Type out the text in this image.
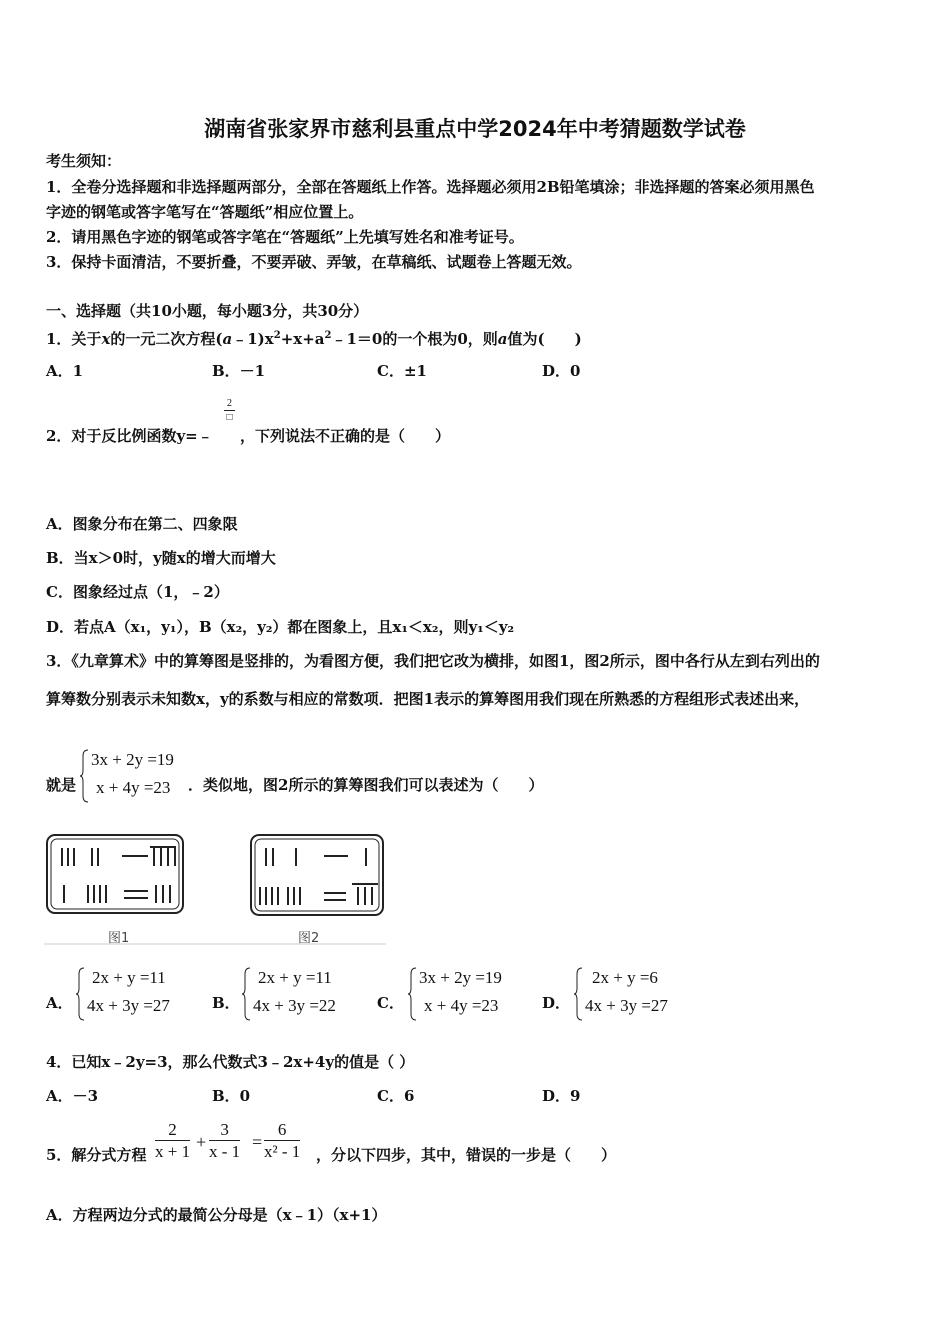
湖南省张家界市慈利县重点中学2024年中考猜题数学试卷
考生须知：
1．全卷分选择题和非选择题两部分，全部在答题纸上作答。选择题必须用2B铅笔填涂；非选择题的答案必须用黑色
字迹的钢笔或答字笔写在“答题纸”相应位置上。
2．请用黑色字迹的钢笔或答字笔在“答题纸”上先填写姓名和准考证号。
3．保持卡面清洁，不要折叠，不要弄破、弄皱，在草稿纸、试题卷上答题无效。
一、选择题（共10小题，每小题3分，共30分）
1．关于x的一元二次方程$(a﹣1)x^2+x+a^2﹣1=0$的一个根为0，则a值为(　　)
A．1	B．－1	C．±1	D．0
2．对于反比例函数y=﹣
2
□
，下列说法不正确的是（　　）
A．图象分布在第二、四象限
B．当x＞0时，y随x的增大而增大
C．图象经过点（1，﹣2）
D．若点A（x₁，y₁），B（x₂，y₂）都在图象上，且x₁＜x₂，则y₁＜y₂
3．《九章算术》中的算筹图是竖排的，为看图方便，我们把它改为横排，如图1，图2所示，图中各行从左到右列出的
算筹数分别表示未知数x，y的系数与相应的常数项．把图1表示的算筹图用我们现在所熟悉的方程组形式表述出来，
就是
3x + 2y =19
x + 4y =23 ．类似地，图2所示的算筹图我们可以表述为（　　）
图1	图2
A．
2x + y =11
4x + 3y =27	B．
2x + y =11
4x + 3y =22	C．
3x + 2y =19
x + 4y =23	D．
2x + y =6
4x + 3y =27
4．已知x﹣2y=3，那么代数式3﹣2x+4y的值是（ ）
A．－3	B．0	C．6	D．9
5．解分式方程 $\frac{2}{x + 1} + \frac{3}{x - 1} = \frac{6}{\text{x² - 1}}$ ，分以下四步，其中，错误的一步是（　　）
A．方程两边分式的最简公分母是（x﹣1）（x+1）
